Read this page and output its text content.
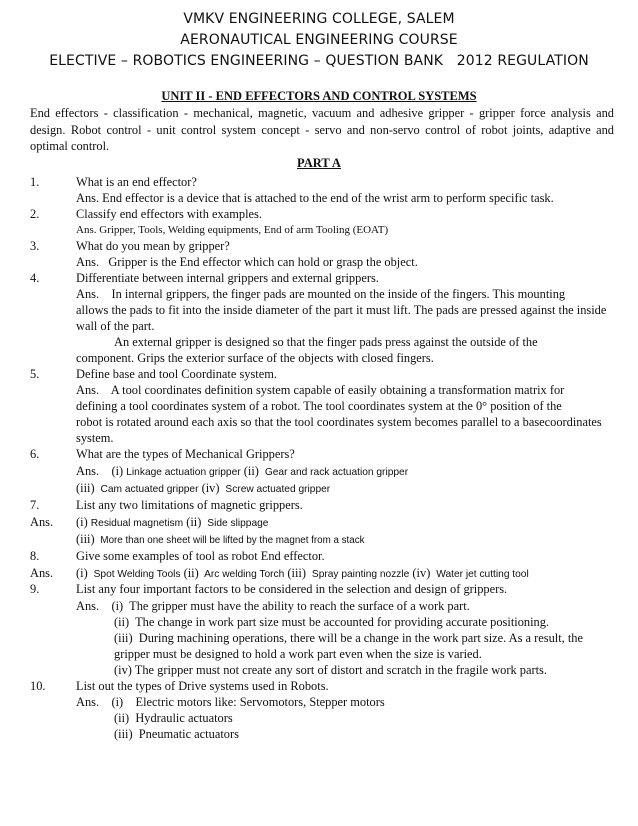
VMKV ENGINEERING COLLEGE, SALEM
AERONAUTICAL ENGINEERING COURSE
ELECTIVE – ROBOTICS ENGINEERING – QUESTION BANK   2012 REGULATION
UNIT II - END EFFECTORS AND CONTROL SYSTEMS
End effectors - classification - mechanical, magnetic, vacuum and adhesive gripper - gripper force analysis and design. Robot control - unit control system concept - servo and non-servo control of robot joints, adaptive and optimal control.
PART A
1.	What is an end effector?
Ans. End effector is a device that is attached to the end of the wrist arm to perform specific task.
2.	Classify end effectors with examples.
Ans. Gripper, Tools, Welding equipments, End of arm Tooling (EOAT)
3.	What do you mean by gripper?
Ans.   Gripper is the End effector which can hold or grasp the object.
4.	Differentiate between internal grippers and external grippers.
Ans.    In internal grippers, the finger pads are mounted on the inside of the fingers. This mounting
allows the pads to fit into the inside diameter of the part it must lift. The pads are pressed against the inside
wall of the part.
An external gripper is designed so that the finger pads press against the outside of the
component. Grips the exterior surface of the objects with closed fingers.
5.	Define base and tool Coordinate system.
Ans.    A tool coordinates definition system capable of easily obtaining a transformation matrix for
defining a tool coordinates system of a robot. The tool coordinates system at the 0° position of the
robot is rotated around each axis so that the tool coordinates system becomes parallel to a basecoordinates
system.
6.	What are the types of Mechanical Grippers?
Ans.    (i) Linkage actuation gripper (ii)  Gear and rack actuation gripper
(iii)  Cam actuated gripper (iv)  Screw actuated gripper
7.	List any two limitations of magnetic grippers.
Ans. (i) Residual magnetism (ii)  Side slippage
(iii)  More than one sheet will be lifted by the magnet from a stack
8.	Give some examples of tool as robot End effector.
Ans. (i)  Spot Welding Tools (ii)  Arc welding Torch (iii)  Spray painting nozzle (iv)  Water jet cutting tool
9.	List any four important factors to be considered in the selection and design of grippers.
Ans.    (i)  The gripper must have the ability to reach the surface of a work part.
(ii)  The change in work part size must be accounted for providing accurate positioning.
(iii)  During machining operations, there will be a change in the work part size. As a result, the
gripper must be designed to hold a work part even when the size is varied.
(iv) The gripper must not create any sort of distort and scratch in the fragile work parts.
10. List out the types of Drive systems used in Robots.
Ans.    (i)    Electric motors like: Servomotors, Stepper motors
(ii)  Hydraulic actuators
(iii)  Pneumatic actuators
